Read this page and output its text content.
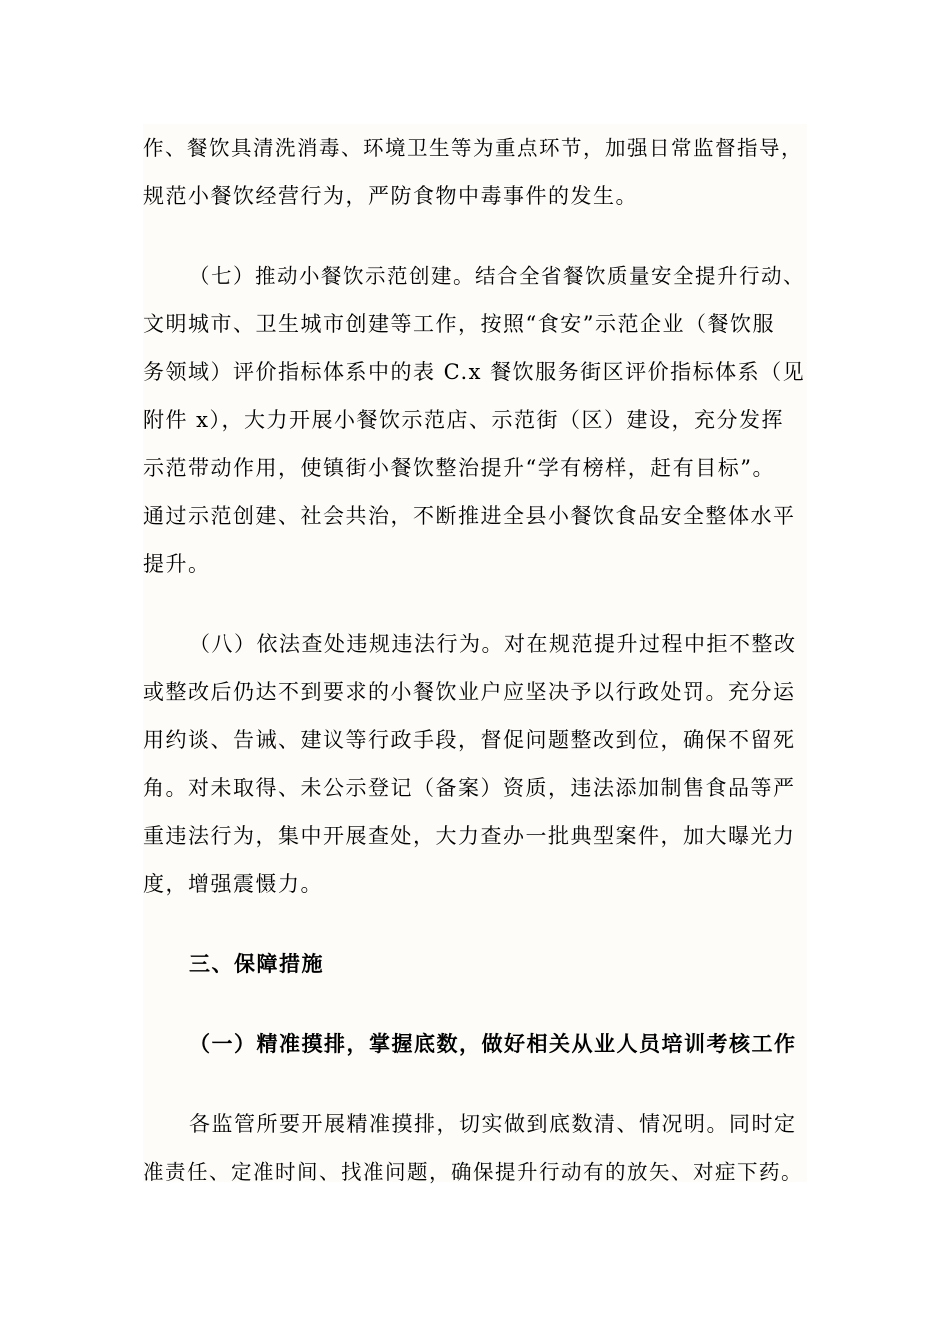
作、餐饮具清洗消毒、环境卫生等为重点环节，加强日常监督指导，
规范小餐饮经营行为，严防食物中毒事件的发生。
（七）推动小餐饮示范创建。结合全省餐饮质量安全提升行动、
文明城市、卫生城市创建等工作，按照“食安”示范企业（餐饮服
务领域）评价指标体系中的表 C.x 餐饮服务街区评价指标体系（见
附件 x），大力开展小餐饮示范店、示范街（区）建设，充分发挥
示范带动作用，使镇街小餐饮整治提升“学有榜样，赶有目标”。
通过示范创建、社会共治，不断推进全县小餐饮食品安全整体水平
提升。
（八）依法查处违规违法行为。对在规范提升过程中拒不整改
或整改后仍达不到要求的小餐饮业户应坚决予以行政处罚。充分运
用约谈、告诫、建议等行政手段，督促问题整改到位，确保不留死
角。对未取得、未公示登记（备案）资质，违法添加制售食品等严
重违法行为，集中开展查处，大力查办一批典型案件，加大曝光力
度，增强震慑力。
三、保障措施
（一）精准摸排，掌握底数，做好相关从业人员培训考核工作
各监管所要开展精准摸排，切实做到底数清、情况明。同时定
准责任、定准时间、找准问题，确保提升行动有的放矢、对症下药。
